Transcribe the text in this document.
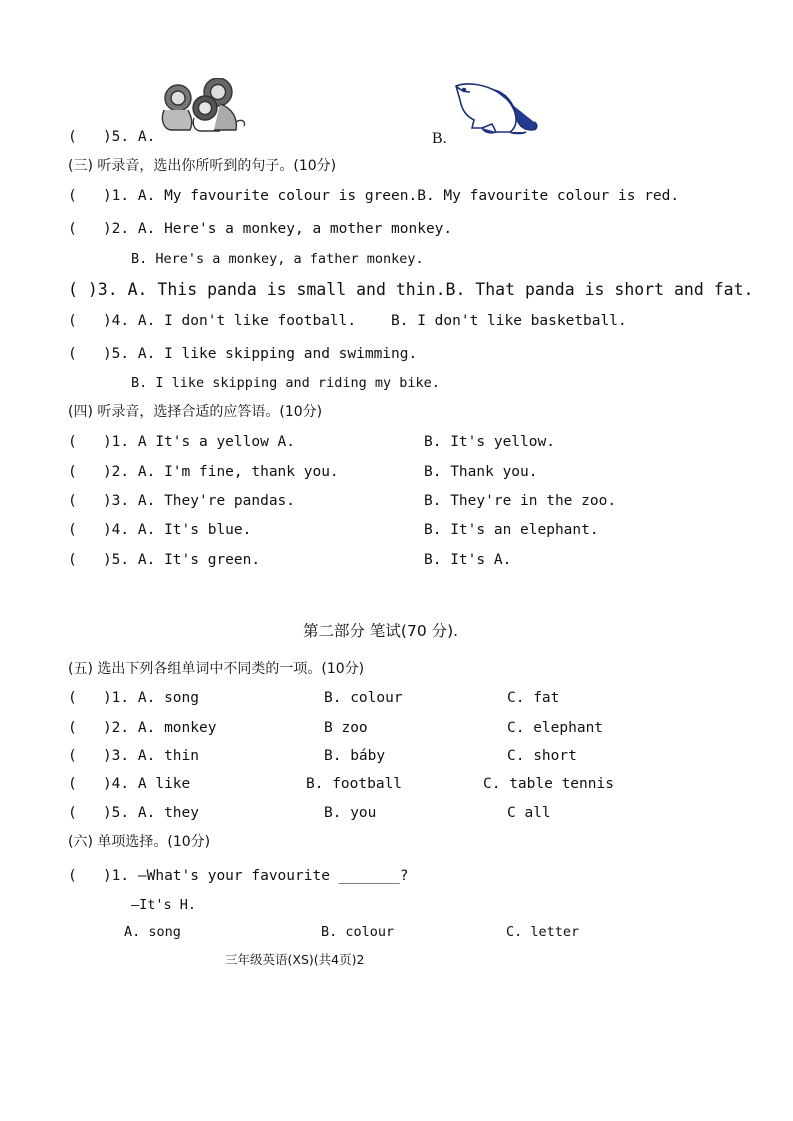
( )5. A.	B.
(三) 听录音，选出你所听到的句子。(10分)
( )1. A. My favourite colour is green.B. My favourite colour is red.
( )2. A. Here's a monkey, a mother monkey.
B. Here's a monkey, a father monkey.
( )3. A. This panda is small and thin.B. That panda is short and fat.
( )4. A. I don't like football. B. I don't like basketball.
( )5. A. I like skipping and swimming.
B. I like skipping and riding my bike.
(四) 听录音，选择合适的应答语。(10分)
( )1. A It's a yellow A.	B. It's yellow.
( )2. A. I'm fine, thank you.	B. Thank you.
( )3. A. They're pandas.	B. They're in the zoo.
( )4. A. It's blue.	B. It's an elephant.
( )5. A. It's green.	B. It's A.
第二部分 笔试(70 分).
(五) 选出下列各组单词中不同类的一项。(10分)
( )1. A. song	B. colour	C. fat
( )2. A. monkey	B zoo	C. elephant
( )3. A. thin	B. báby	C. short
( )4. A like	B. football	C. table tennis
( )5. A. they	B. you	C all
(六) 单项选择。(10分)
( )1. —What's your favourite _______?
—It's H.
A. song	B. colour	C. letter
三年级英语(XS)(共4页)2
